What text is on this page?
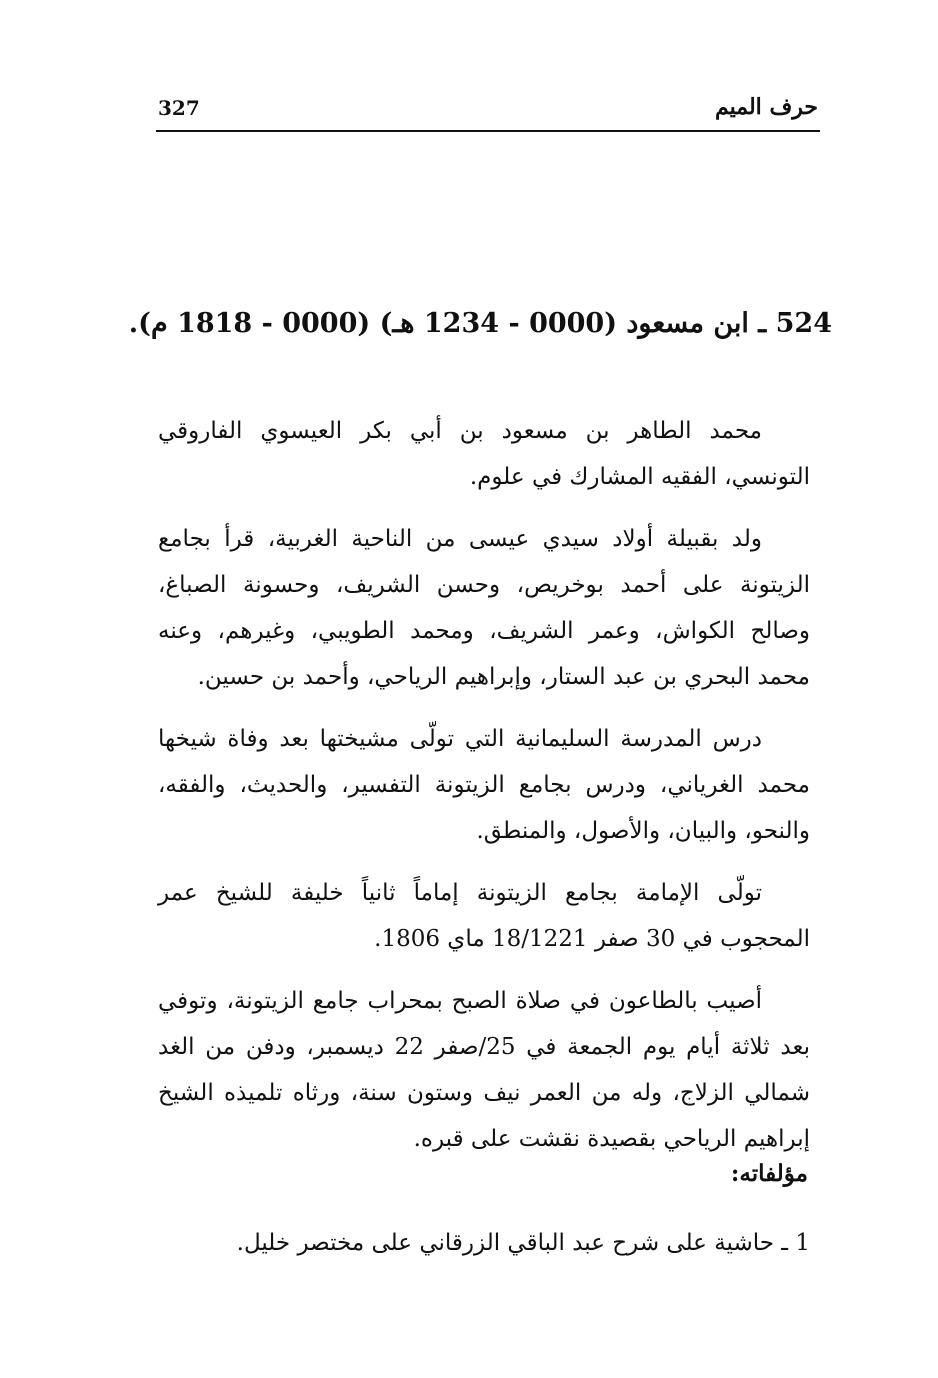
327	حرف الميم
524 ـ ابن مسعود (0000 - 1234 هـ) (0000 - 1818 م).

محمد الطاهر بن مسعود بن أبي بكر العيسوي الفاروقي التونسي، الفقيه المشارك في علوم.

ولد بقبيلة أولاد سيدي عيسى من الناحية الغربية، قرأ بجامع الزيتونة على أحمد بوخريص، وحسن الشريف، وحسونة الصباغ، وصالح الكواش، وعمر الشريف، ومحمد الطويبي، وغيرهم، وعنه محمد البحري بن عبد الستار، وإبراهيم الرياحي، وأحمد بن حسين.

درس المدرسة السليمانية التي تولّى مشيختها بعد وفاة شيخها محمد الغرياني، ودرس بجامع الزيتونة التفسير، والحديث، والفقه، والنحو، والبيان، والأصول، والمنطق.

تولّى الإمامة بجامع الزيتونة إماماً ثانياً خليفة للشيخ عمر المحجوب في 30 صفر 18/1221 ماي 1806.

أصيب بالطاعون في صلاة الصبح بمحراب جامع الزيتونة، وتوفي بعد ثلاثة أيام يوم الجمعة في 25/صفر 22 ديسمبر، ودفن من الغد شمالي الزلاج، وله من العمر نيف وستون سنة، ورثاه تلميذه الشيخ إبراهيم الرياحي بقصيدة نقشت على قبره.

مؤلفاته:
1 ـ حاشية على شرح عبد الباقي الزرقاني على مختصر خليل.
